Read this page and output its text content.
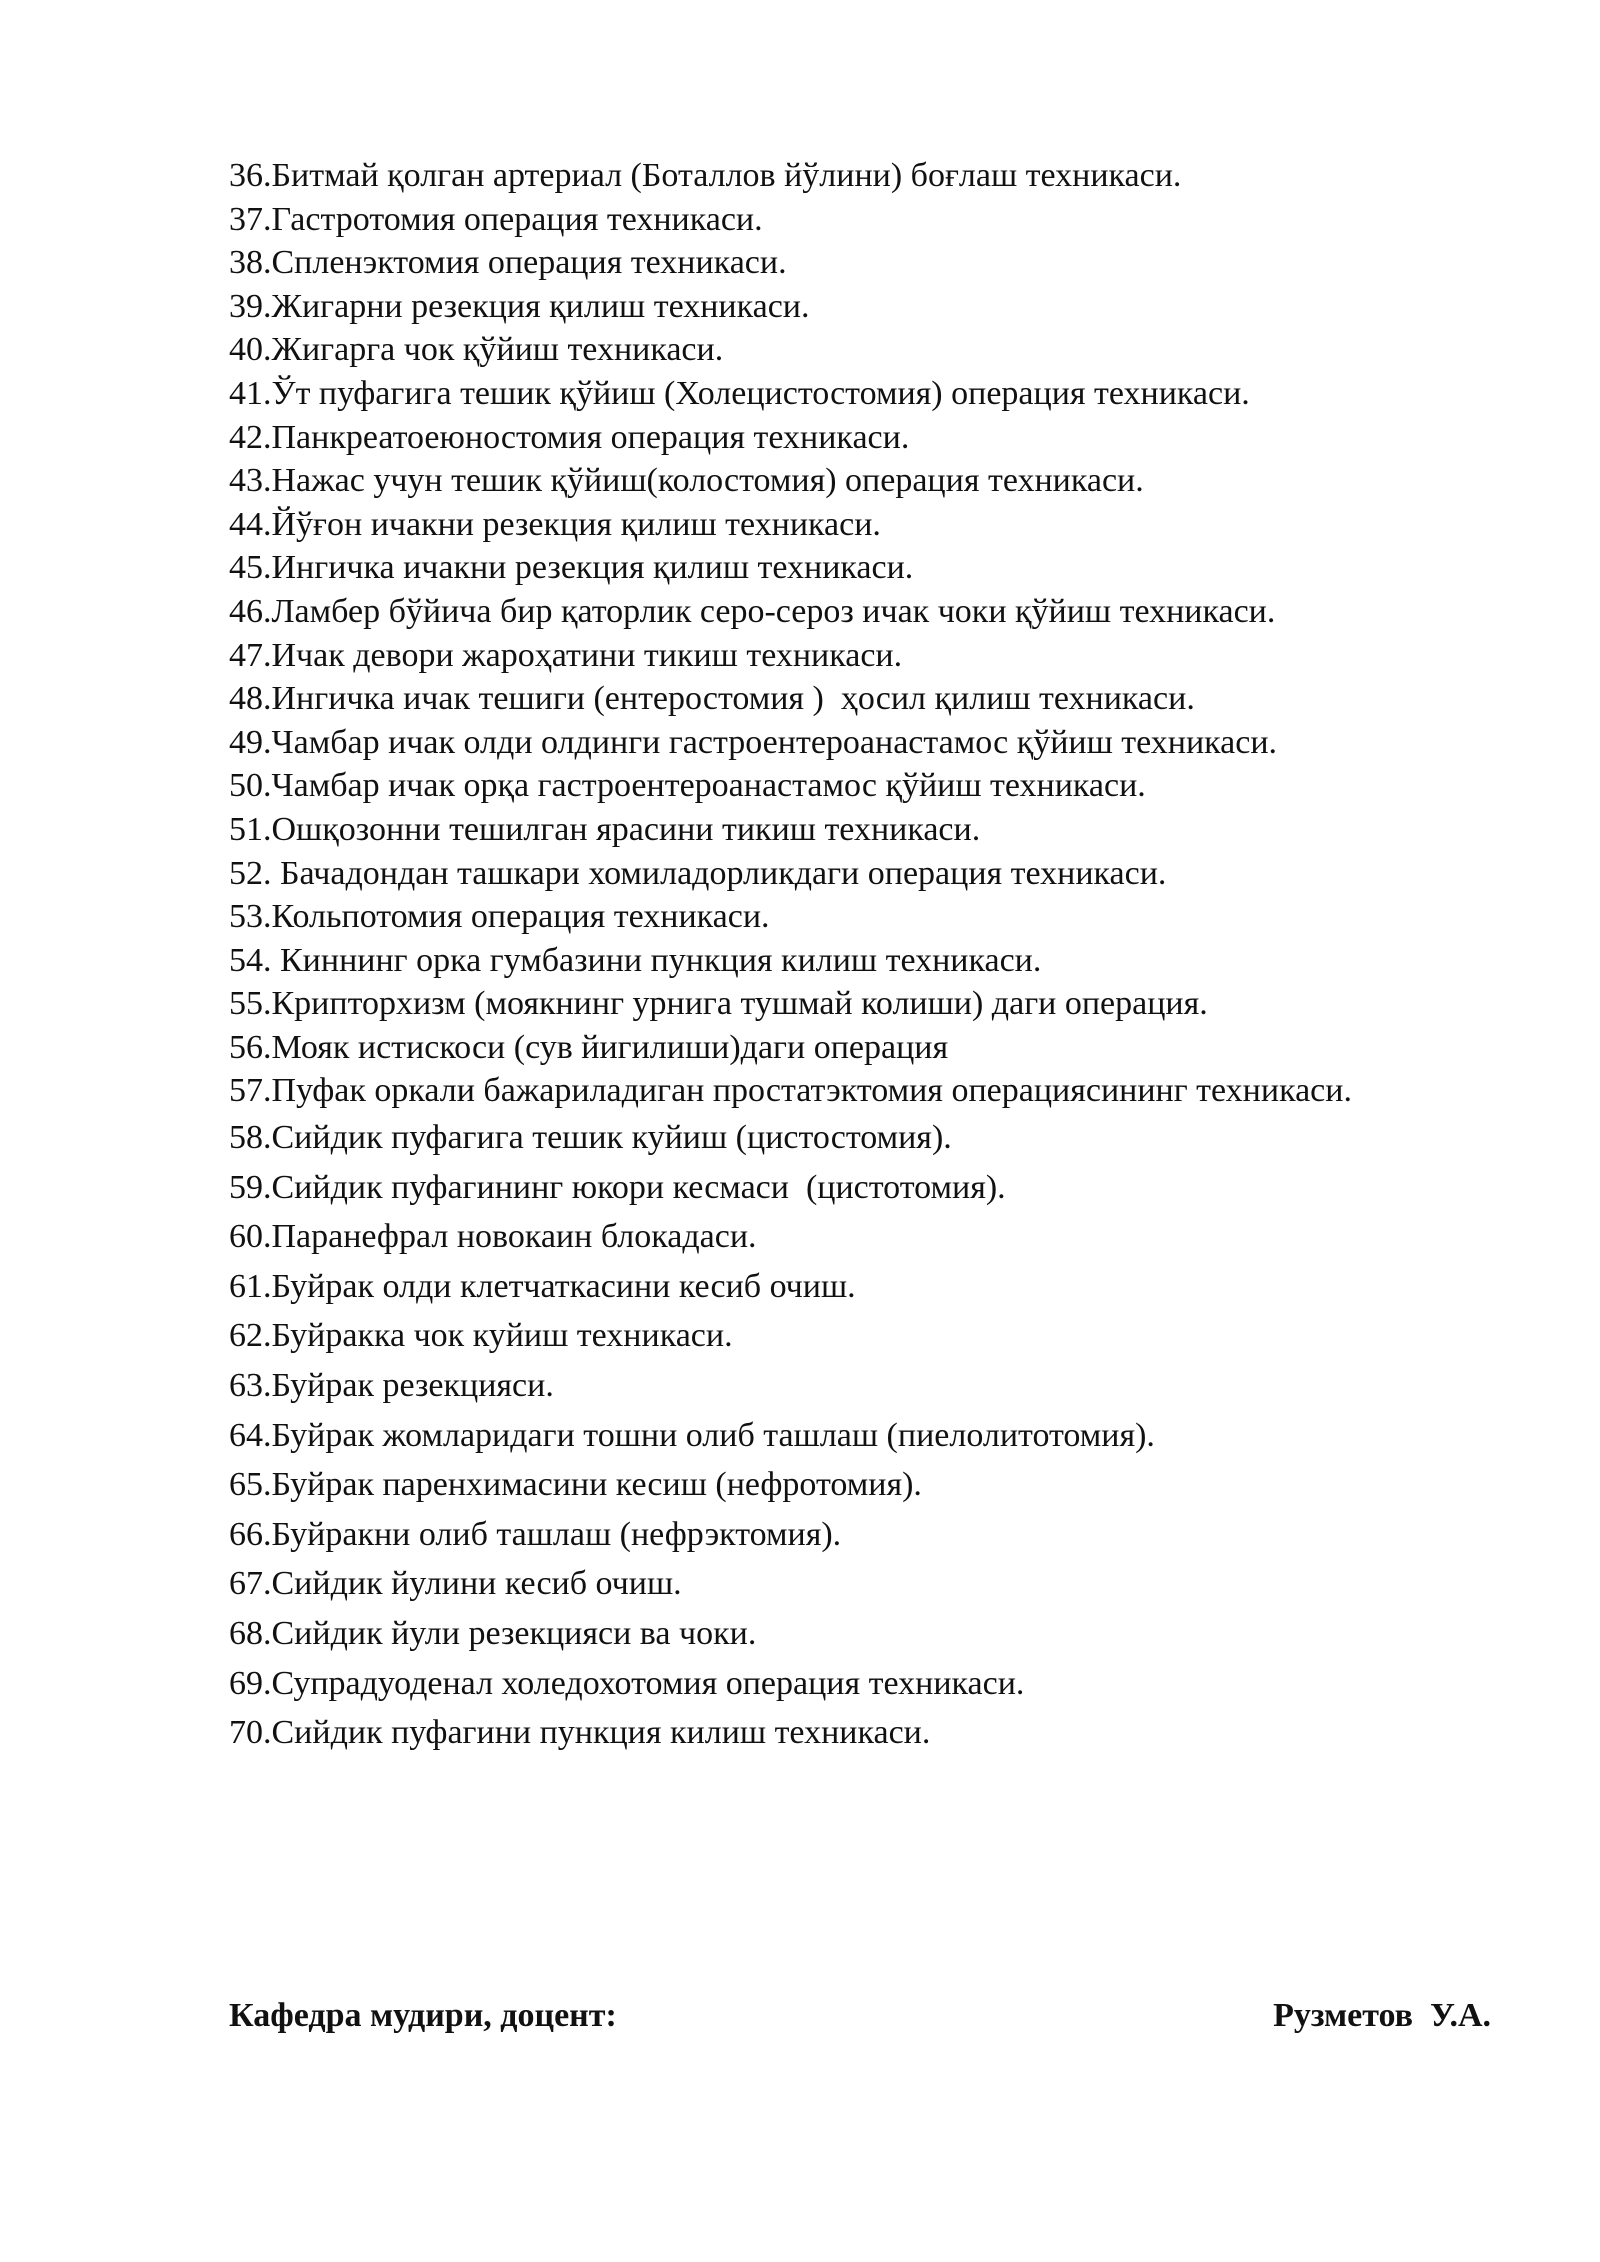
36.Битмай қолган артериал (Боталлов йўлини) боғлаш техникаси.
37.Гастротомия операция техникаси.
38.Спленэктомия операция техникаси.
39.Жигарни резекция қилиш техникаси.
40.Жигарга чок қўйиш техникаси.
41.Ўт пуфагига тешик қўйиш (Холецистостомия) операция техникаси.
42.Панкреатоеюностомия операция техникаси.
43.Нажас учун тешик қўйиш(колостомия) операция техникаси.
44.Йўғон ичакни резекция қилиш техникаси.
45.Ингичка ичакни резекция қилиш техникаси.
46.Ламбер бўйича бир қаторлик серо-сероз ичак чоки қўйиш техникаси.
47.Ичак девори жароҳатини тикиш техникаси.
48.Ингичка ичак тешиги (ентеростомия )  ҳосил қилиш техникаси.
49.Чамбар ичак олди олдинги гастроентероанастамос қўйиш техникаси.
50.Чамбар ичак орқа гастроентероанастамос қўйиш техникаси.
51.Ошқозонни тешилган ярасини тикиш техникаси.
52. Бачадондан ташкари хомиладорликдаги операция техникаси.
53.Кольпотомия операция техникаси.
54. Киннинг орка гумбазини пункция килиш техникаси.
55.Крипторхизм (моякнинг урнига тушмай колиши) даги операция.
56.Мояк истискоси (сув йигилиши)даги операция
57.Пуфак оркали бажариладиган простатэктомия операциясининг техникаси.
58.Сийдик пуфагига тешик куйиш (цистостомия).
59.Сийдик пуфагининг юкори кесмаси  (цистотомия).
60.Паранефрал новокаин блокадаси.
61.Буйрак олди клетчаткасини кесиб очиш.
62.Буйракка чок куйиш техникаси.
63.Буйрак резекцияси.
64.Буйрак жомларидаги тошни олиб ташлаш (пиелолитотомия).
65.Буйрак паренхимасини кесиш (нефротомия).
66.Буйракни олиб ташлаш (нефрэктомия).
67.Сийдик йулини кесиб очиш.
68.Сийдик йули резекцияси ва чоки.
69.Супрадуоденал холедохотомия операция техникаси.
70.Сийдик пуфагини пункция килиш техникаси.
Кафедра мудири, доцент:	Рузметов  У.А.
